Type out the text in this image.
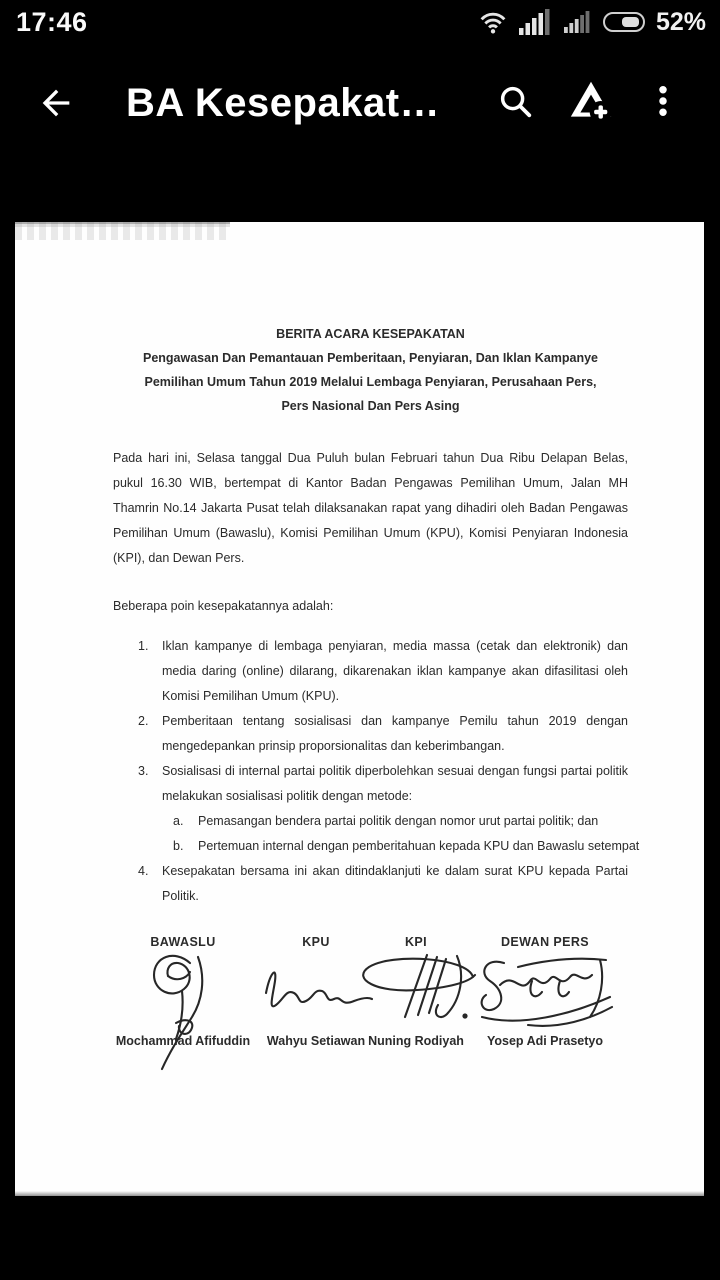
17:46	52%
BA Kesepakat…
BERITA ACARA KESEPAKATAN
Pengawasan Dan Pemantauan Pemberitaan, Penyiaran, Dan Iklan Kampanye
Pemilihan Umum Tahun 2019 Melalui Lembaga Penyiaran, Perusahaan Pers,
Pers Nasional Dan Pers Asing

Pada hari ini, Selasa tanggal Dua Puluh bulan Februari tahun Dua Ribu Delapan Belas, pukul 16.30 WIB, bertempat di Kantor Badan Pengawas Pemilihan Umum, Jalan MH Thamrin No.14 Jakarta Pusat telah dilaksanakan rapat yang dihadiri oleh Badan Pengawas Pemilihan Umum (Bawaslu), Komisi Pemilihan Umum (KPU), Komisi Penyiaran Indonesia (KPI), dan Dewan Pers.

Beberapa poin kesepakatannya adalah:

1.	Iklan kampanye di lembaga penyiaran, media massa (cetak dan elektronik) dan media daring (online) dilarang, dikarenakan iklan kampanye akan difasilitasi oleh Komisi Pemilihan Umum (KPU).
2.	Pemberitaan tentang sosialisasi dan kampanye Pemilu tahun 2019 dengan mengedepankan prinsip proporsionalitas dan keberimbangan.
3.	Sosialisasi di internal partai politik diperbolehkan sesuai dengan fungsi partai politik melakukan sosialisasi politik dengan metode:
a.	Pemasangan bendera partai politik dengan nomor urut partai politik; dan
b.	Pertemuan internal dengan pemberitahuan kepada KPU dan Bawaslu setempat
4.	Kesepakatan bersama ini akan ditindaklanjuti ke dalam surat KPU kepada Partai Politik.
BAWASLU
Mochammad Afifuddin
KPU
Wahyu Setiawan
KPI
Nuning Rodiyah
DEWAN PERS
Yosep Adi Prasetyo
